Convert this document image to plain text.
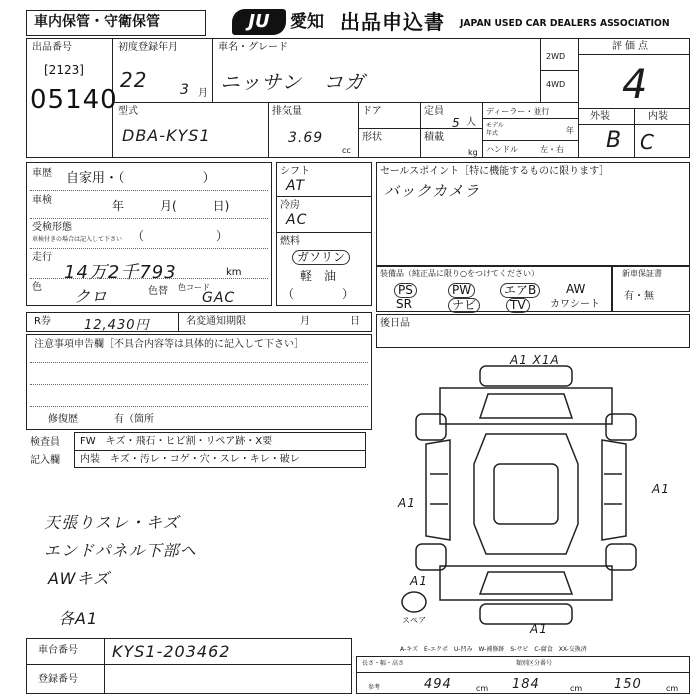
車内保管・守衛保管	JU	愛知 出品申込書 JAPAN USED CAR DEALERS ASSOCIATION
出品番号
[2123]
05140
初度登録年月
22 3 月
車名・グレード
ニッサン　コガ
2WD
4WD
評価点
4
外装	内装
B C
型式
DBA-KYS1
排気量
3.69
cc
ドア
形状
定員
5 人
積載
kg
ディーラー・並行
モデル
年式	年
ハンドル	左・右
車歴 自家用・（　　　　　　）
車検	年　　　月(　　　日)
受検形態
車検付きの場合は記入して下さい （　　　　　　）
走行
14万2千793	km
色 クロ	色替 色コード
GAC
シフト
AT
冷房
AC
燃料
ガソリン
軽　油
（　　　　）
セールスポイント［特に機能するものに限ります］
バックカメラ
装備品（純正品に限り○をつけてください）
PS	PW	エアB	AW
SR	ナビ	TV	カワシート
新車保証書
有・無
R券	12,430円	名変通知期限	月	日 後日品
注意事項申告欄［不具合内容等は具体的に記入して下さい］
修復歴	有（箇所
検査員
記入欄
FW　キズ・飛石・ヒビ割・リペア跡・X要
内装　キズ・汚レ・コゲ・穴・スレ・キレ・破レ
天張りスレ・キズ
エンドパネル下部ヘ
AWキズ
各A1
A1 X1A
A1
A1
A1
A1
スペア
A-キズ　E-エクボ　U-凹み　W-補修跡　S-サビ　C-腐食　XX-交換済
車台番号 KYS1-203462
登録番号
長さ・幅・高さ	類別区分番号
参考	494	cm 184	cm 150	cm
